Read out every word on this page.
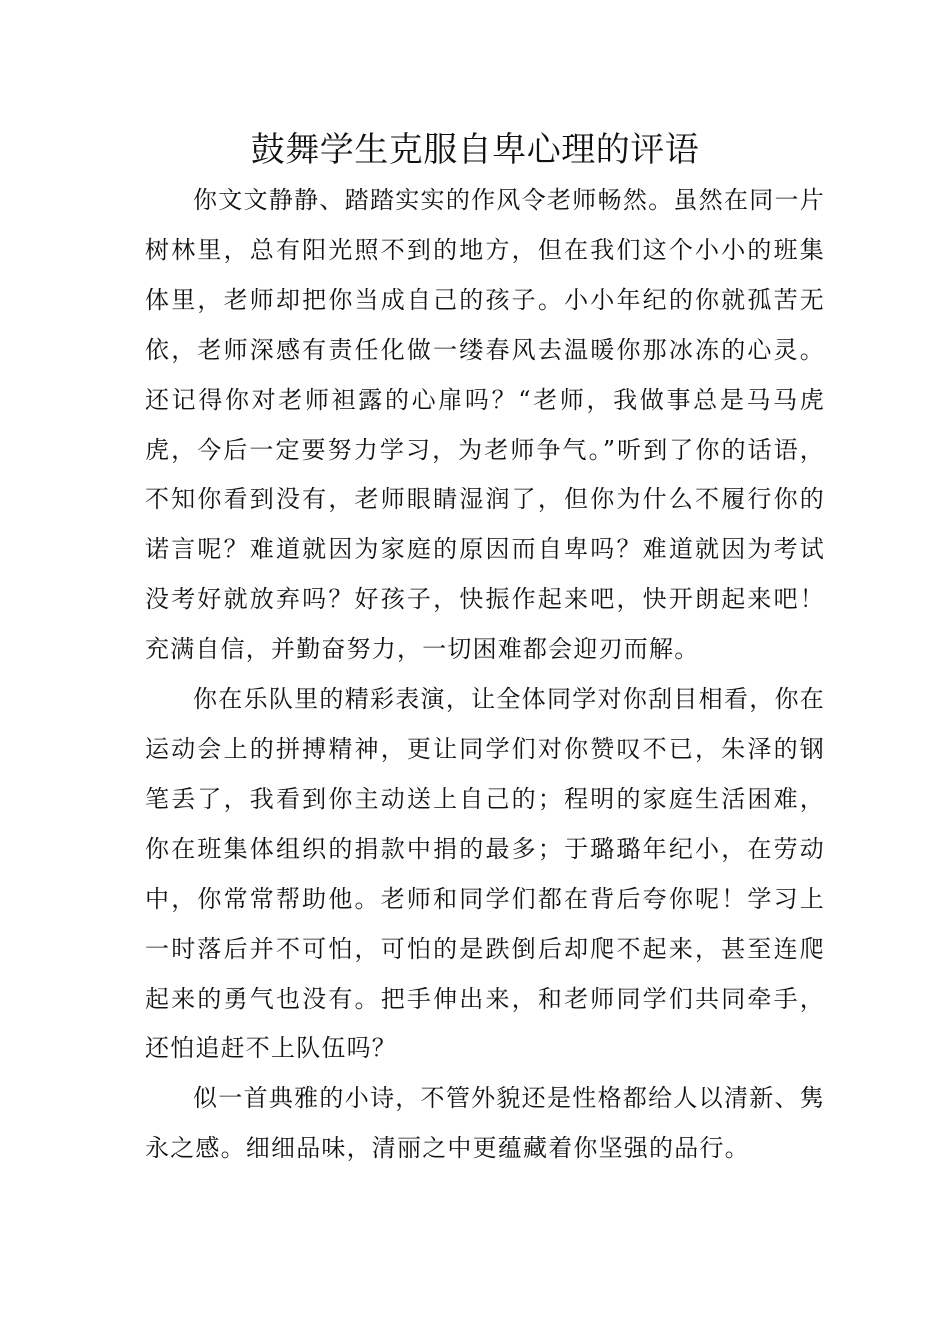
鼓舞学生克服自卑心理的评语

你文文静静、踏踏实实的作风令老师畅然。虽然在同一片树林里，总有阳光照不到的地方，但在我们这个小小的班集体里，老师却把你当成自己的孩子。小小年纪的你就孤苦无依，老师深感有责任化做一缕春风去温暖你那冰冻的心灵。还记得你对老师袒露的心扉吗？“老师，我做事总是马马虎虎，今后一定要努力学习，为老师争气。”听到了你的话语，不知你看到没有，老师眼睛湿润了，但你为什么不履行你的诺言呢？难道就因为家庭的原因而自卑吗？难道就因为考试没考好就放弃吗？好孩子，快振作起来吧，快开朗起来吧！充满自信，并勤奋努力，一切困难都会迎刃而解。

你在乐队里的精彩表演，让全体同学对你刮目相看，你在运动会上的拼搏精神，更让同学们对你赞叹不已，朱泽的钢笔丢了，我看到你主动送上自己的；程明的家庭生活困难，你在班集体组织的捐款中捐的最多；于璐璐年纪小，在劳动中，你常常帮助他。老师和同学们都在背后夸你呢！学习上一时落后并不可怕，可怕的是跌倒后却爬不起来，甚至连爬起来的勇气也没有。把手伸出来，和老师同学们共同牵手，还怕追赶不上队伍吗？

似一首典雅的小诗，不管外貌还是性格都给人以清新、隽永之感。细细品味，清丽之中更蕴藏着你坚强的品行。
